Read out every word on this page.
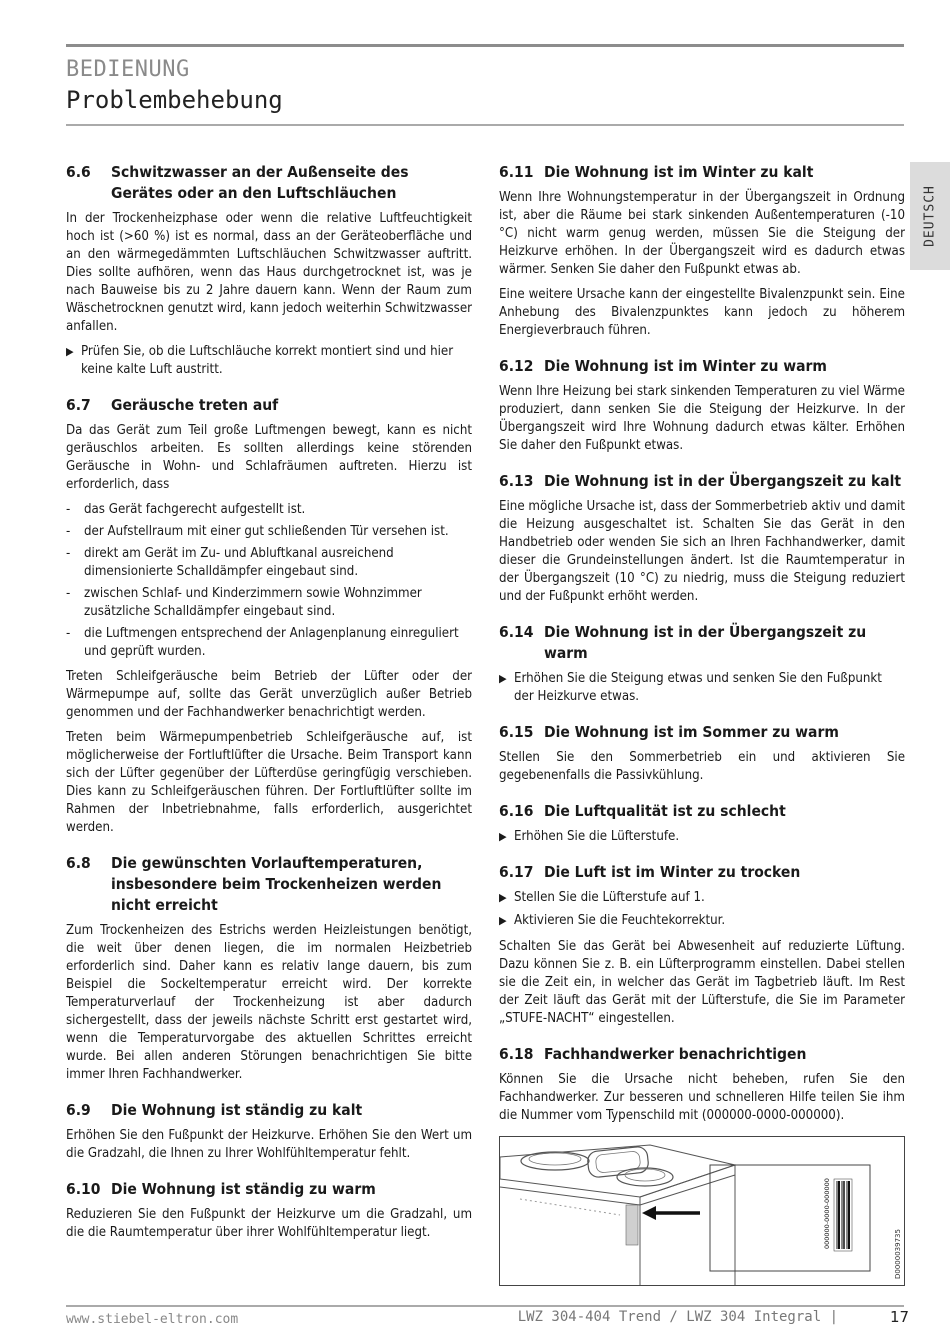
BEDIENUNG
Problembehebung
DEUTSCH
6.6	Schwitzwasser an der Außenseite des Gerätes oder an den Luftschläuchen

In der Trockenheizphase oder wenn die relative Luftfeuchtigkeit hoch ist (>60 %) ist es normal, dass an der Geräteoberfläche und an den wärmegedämmten Luftschläuchen Schwitzwasser auftritt. Dies sollte aufhören, wenn das Haus durchgetrocknet ist, was je nach Bauweise bis zu 2 Jahre dauern kann. Wenn der Raum zum Wäschetrocknen genutzt wird, kann jedoch weiterhin Schwitzwasser anfallen.

▶ Prüfen Sie, ob die Luftschläuche korrekt montiert sind und hier keine kalte Luft austritt.
6.7	Geräusche treten auf

Da das Gerät zum Teil große Luftmengen bewegt, kann es nicht geräuschlos arbeiten. Es sollten allerdings keine störenden Geräusche in Wohn- und Schlafräumen auftreten. Hierzu ist erforderlich, dass

-	das Gerät fachgerecht aufgestellt ist.
-	der Aufstellraum mit einer gut schließenden Tür versehen ist.
-	direkt am Gerät im Zu- und Abluftkanal ausreichend dimensionierte Schalldämpfer eingebaut sind.
-	zwischen Schlaf- und Kinderzimmern sowie Wohnzimmer zusätzliche Schalldämpfer eingebaut sind.
-	die Luftmengen entsprechend der Anlagenplanung einreguliert und geprüft wurden.

Treten Schleifgeräusche beim Betrieb der Lüfter oder der Wärmepumpe auf, sollte das Gerät unverzüglich außer Betrieb genommen und der Fachhandwerker benachrichtigt werden.

Treten beim Wärmepumpenbetrieb Schleifgeräusche auf, ist möglicherweise der Fortluftlüfter die Ursache. Beim Transport kann sich der Lüfter gegenüber der Lüfterdüse geringfügig verschieben. Dies kann zu Schleifgeräuschen führen. Der Fortluftlüfter sollte im Rahmen der Inbetriebnahme, falls erforderlich, ausgerichtet werden.

6.8	Die gewünschten Vorlauftemperaturen, insbesondere beim Trockenheizen werden nicht erreicht

Zum Trockenheizen des Estrichs werden Heizleistungen benötigt, die weit über denen liegen, die im normalen Heizbetrieb erforderlich sind. Daher kann es relativ lange dauern, bis zum Beispiel die Sockeltemperatur erreicht wird. Der korrekte Temperaturverlauf der Trockenheizung ist aber dadurch sichergestellt, dass der jeweils nächste Schritt erst gestartet wird, wenn die Temperaturvorgabe des aktuellen Schrittes erreicht wurde. Bei allen anderen Störungen benachrichtigen Sie bitte immer Ihren Fachhandwerker.

6.9	Die Wohnung ist ständig zu kalt

Erhöhen Sie den Fußpunkt der Heizkurve. Erhöhen Sie den Wert um die Gradzahl, die Ihnen zu Ihrer Wohlfühltemperatur fehlt.

6.10 Die Wohnung ist ständig zu warm

Reduzieren Sie den Fußpunkt der Heizkurve um die Gradzahl, um die die Raumtemperatur über ihrer Wohlfühltemperatur liegt.

6.11 Die Wohnung ist im Winter zu kalt

Wenn Ihre Wohnungstemperatur in der Übergangszeit in Ordnung ist, aber die Räume bei stark sinkenden Außentemperaturen (-10 °C) nicht warm genug werden, müssen Sie die Steigung der Heizkurve erhöhen. In der Übergangszeit wird es dadurch etwas wärmer. Senken Sie daher den Fußpunkt etwas ab.

Eine weitere Ursache kann der eingestellte Bivalenzpunkt sein. Eine Anhebung des Bivalenzpunktes kann jedoch zu höherem Energieverbrauch führen.

6.12 Die Wohnung ist im Winter zu warm

Wenn Ihre Heizung bei stark sinkenden Temperaturen zu viel Wärme produziert, dann senken Sie die Steigung der Heizkurve. In der Übergangszeit wird Ihre Wohnung dadurch etwas kälter. Erhöhen Sie daher den Fußpunkt etwas.

6.13 Die Wohnung ist in der Übergangszeit zu kalt

Eine mögliche Ursache ist, dass der Sommerbetrieb aktiv und damit die Heizung ausgeschaltet ist. Schalten Sie das Gerät in den Handbetrieb oder wenden Sie sich an Ihren Fachhandwerker, damit dieser die Grundeinstellungen ändert. Ist die Raumtemperatur in der Übergangszeit (10 °C) zu niedrig, muss die Steigung reduziert und der Fußpunkt erhöht werden.

6.14 Die Wohnung ist in der Übergangszeit zu warm
▶ Erhöhen Sie die Steigung etwas und senken Sie den Fußpunkt der Heizkurve etwas.
6.15 Die Wohnung ist im Sommer zu warm

Stellen Sie den Sommerbetrieb ein und aktivieren Sie gegebenenfalls die Passivkühlung.

6.16 Die Luftqualität ist zu schlecht
▶ Erhöhen Sie die Lüfterstufe.
6.17 Die Luft ist im Winter zu trocken
▶ Stellen Sie die Lüfterstufe auf 1.
▶ Aktivieren Sie die Feuchtekorrektur.

Schalten Sie das Gerät bei Abwesenheit auf reduzierte Lüftung. Dazu können Sie z. B. ein Lüfterprogramm einstellen. Dabei stellen sie die Zeit ein, in welcher das Gerät im Tagbetrieb läuft. Im Rest der Zeit läuft das Gerät mit der Lüfterstufe, die Sie im Parameter „STUFE-NACHT“ eingestellen.

6.18 Fachhandwerker benachrichtigen

Können Sie die Ursache nicht beheben, rufen Sie den Fachhandwerker. Zur besseren und schnelleren Hilfe teilen Sie ihm die Nummer vom Typenschild mit (000000-0000-000000).

000000-0000-000000
D0000039735
www.stiebel-eltron.com	LWZ 304-404 Trend / LWZ 304 Integral |	17
